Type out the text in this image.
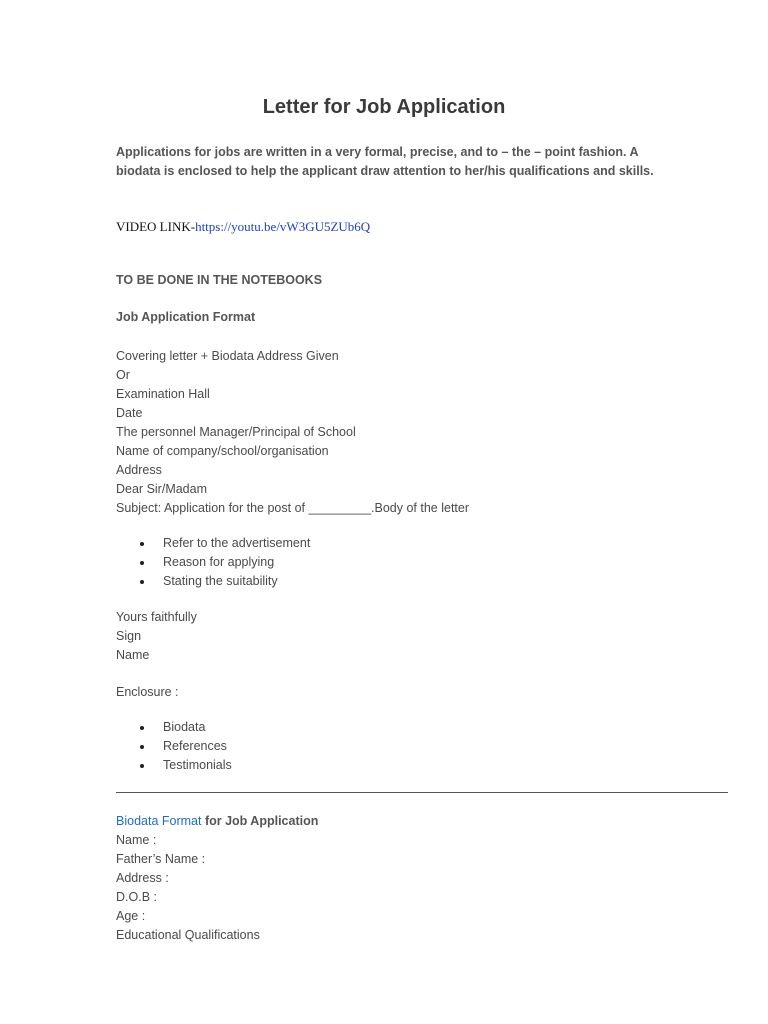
Letter for Job Application
Applications for jobs are written in a very formal, precise, and to – the – point fashion. A biodata is enclosed to help the applicant draw attention to her/his qualifications and skills.
VIDEO LINK-https://youtu.be/vW3GU5ZUb6Q
TO BE DONE IN THE NOTEBOOKS
Job Application Format
Covering letter + Biodata Address Given
Or
Examination Hall
Date
The personnel Manager/Principal of School
Name of company/school/organisation
Address
Dear Sir/Madam
Subject: Application for the post of _________.Body of the letter
Refer to the advertisement
Reason for applying
Stating the suitability
Yours faithfully
Sign
Name
Enclosure :
Biodata
References
Testimonials
Biodata Format for Job Application
Name :
Father’s Name :
Address :
D.O.B :
Age :
Educational Qualifications
